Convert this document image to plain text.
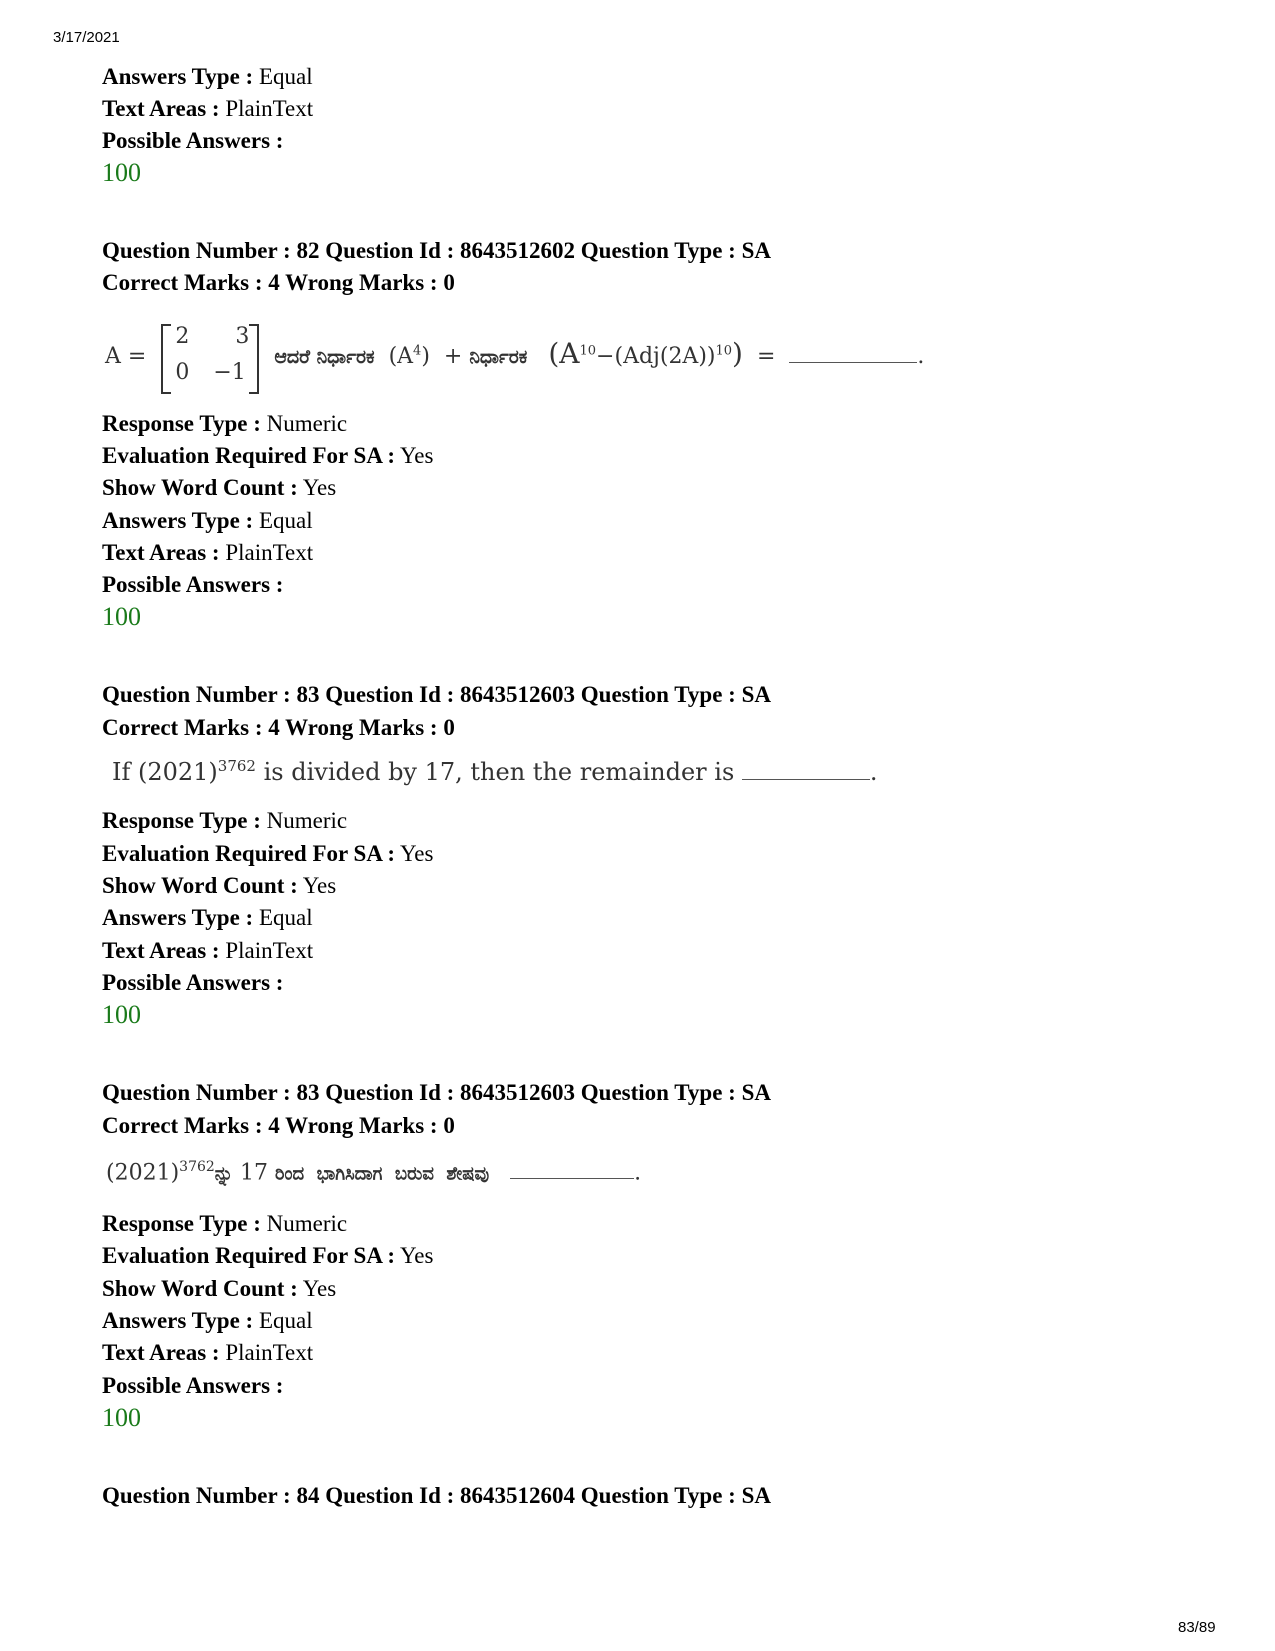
3/17/2021
Answers Type : Equal
Text Areas : PlainText
Possible Answers :
100
Question Number : 82 Question Id : 8643512602 Question Type : SA
Correct Marks : 4 Wrong Marks : 0
A =
2 3
0 −1
ಆದರೆ ನಿರ್ಧಾರಕ $(A^4)$ + ನಿರ್ಧಾರಕ $(A^{10}-(Adj(2A))^{10})$ =	.
Response Type : Numeric
Evaluation Required For SA : Yes
Show Word Count : Yes
Answers Type : Equal
Text Areas : PlainText
Possible Answers :
100
Question Number : 83 Question Id : 8643512603 Question Type : SA
Correct Marks : 4 Wrong Marks : 0
If $(2021)^{3762}$ is divided by 17, then the remainder is	.
Response Type : Numeric
Evaluation Required For SA : Yes
Show Word Count : Yes
Answers Type : Equal
Text Areas : PlainText
Possible Answers :
100
Question Number : 83 Question Id : 8643512603 Question Type : SA
Correct Marks : 4 Wrong Marks : 0
$(2021)^{3762}ನ್ನು$ 17 ರಿಂದ  ಭಾಗಿಸಿದಾಗ  ಬರುವ  ಶೇಷವು	.
Response Type : Numeric
Evaluation Required For SA : Yes
Show Word Count : Yes
Answers Type : Equal
Text Areas : PlainText
Possible Answers :
100
Question Number : 84 Question Id : 8643512604 Question Type : SA
83/89
